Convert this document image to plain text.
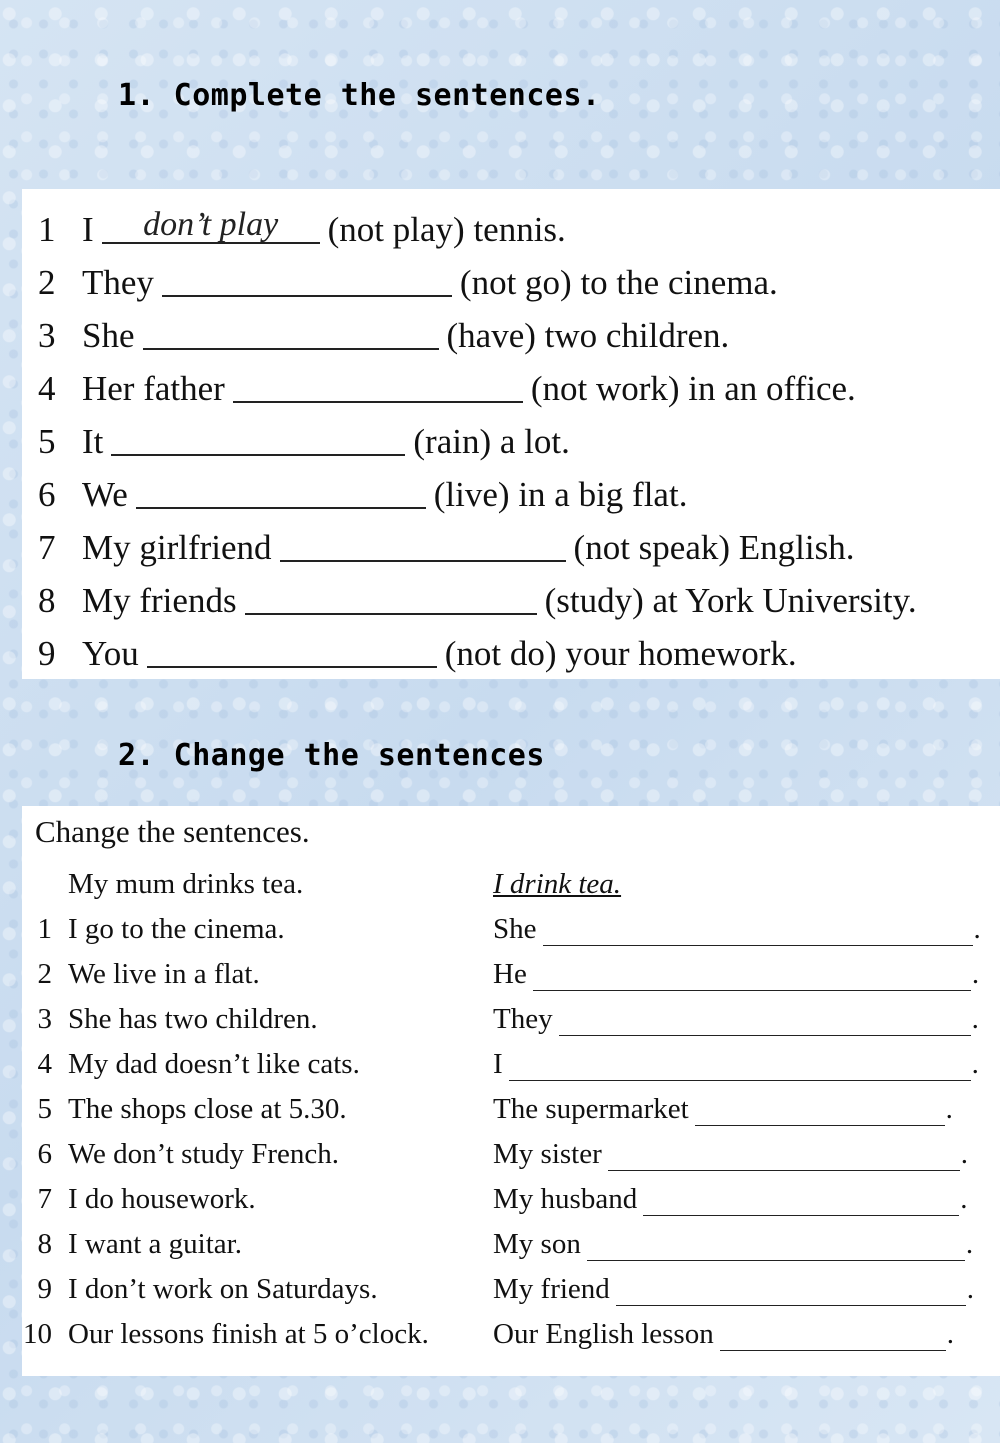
1. Complete the sentences.
1 I	don’t play	(not play) tennis.
2 They	(not go) to the cinema.
3 She	(have) two children.
4 Her father	(not work) in an office.
5 It	(rain) a lot.
6 We	(live) in a big flat.
7 My girlfriend	(not speak) English.
8 My friends	(study) at York University.
9 You	(not do) your homework.
2. Change the sentences
Change the sentences.
My mum drinks tea.	I drink tea.
1 I go to the cinema.	She	.
2 We live in a flat.	He	.
3 She has two children.	They	.
4 My dad doesn’t like cats.	I	.
5 The shops close at 5.30.	The supermarket	.
6 We don’t study French.	My sister	.
7 I do housework.	My husband	.
8 I want a guitar.	My son	.
9 I don’t work on Saturdays.	My friend	.
10 Our lessons finish at 5 o’clock. Our English lesson	.
